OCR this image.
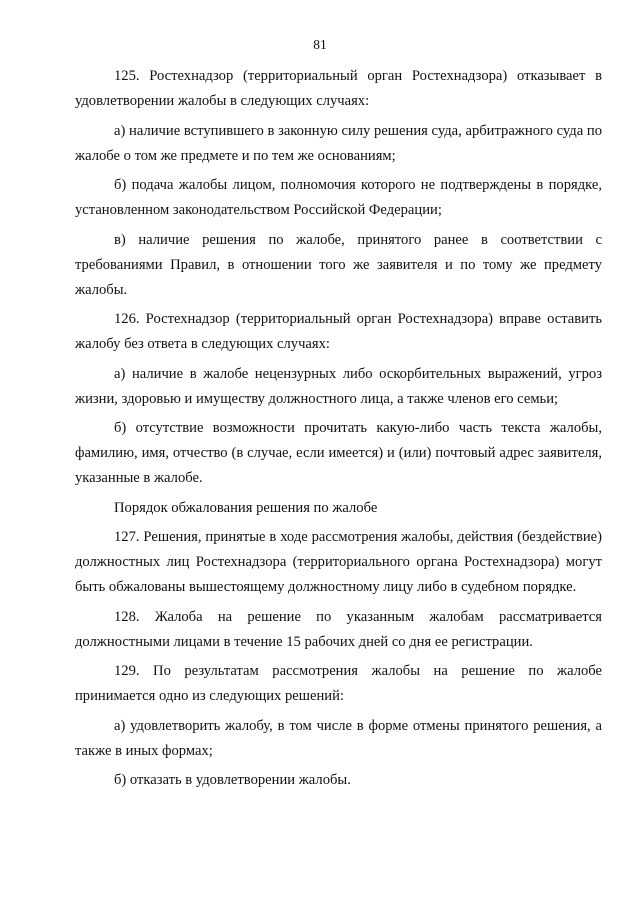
81

125. Ростехнадзор (территориальный орган Ростехнадзора) отказывает в удовлетворении жалобы в следующих случаях:

а) наличие вступившего в законную силу решения суда, арбитражного суда по жалобе о том же предмете и по тем же основаниям;

б) подача жалобы лицом, полномочия которого не подтверждены в порядке, установленном законодательством Российской Федерации;

в) наличие решения по жалобе, принятого ранее в соответствии с требованиями Правил, в отношении того же заявителя и по тому же предмету жалобы.

126. Ростехнадзор (территориальный орган Ростехнадзора) вправе оставить жалобу без ответа в следующих случаях:

а) наличие в жалобе нецензурных либо оскорбительных выражений, угроз жизни, здоровью и имуществу должностного лица, а также членов его семьи;

б) отсутствие возможности прочитать какую-либо часть текста жалобы, фамилию, имя, отчество (в случае, если имеется) и (или) почтовый адрес заявителя, указанные в жалобе.

Порядок обжалования решения по жалобе

127. Решения, принятые в ходе рассмотрения жалобы, действия (бездействие) должностных лиц Ростехнадзора (территориального органа Ростехнадзора) могут быть обжалованы вышестоящему должностному лицу либо в судебном порядке.

128. Жалоба на решение по указанным жалобам рассматривается должностными лицами в течение 15 рабочих дней со дня ее регистрации.

129. По результатам рассмотрения жалобы на решение по жалобе принимается одно из следующих решений:

а) удовлетворить жалобу, в том числе в форме отмены принятого решения, а также в иных формах;

б) отказать в удовлетворении жалобы.
